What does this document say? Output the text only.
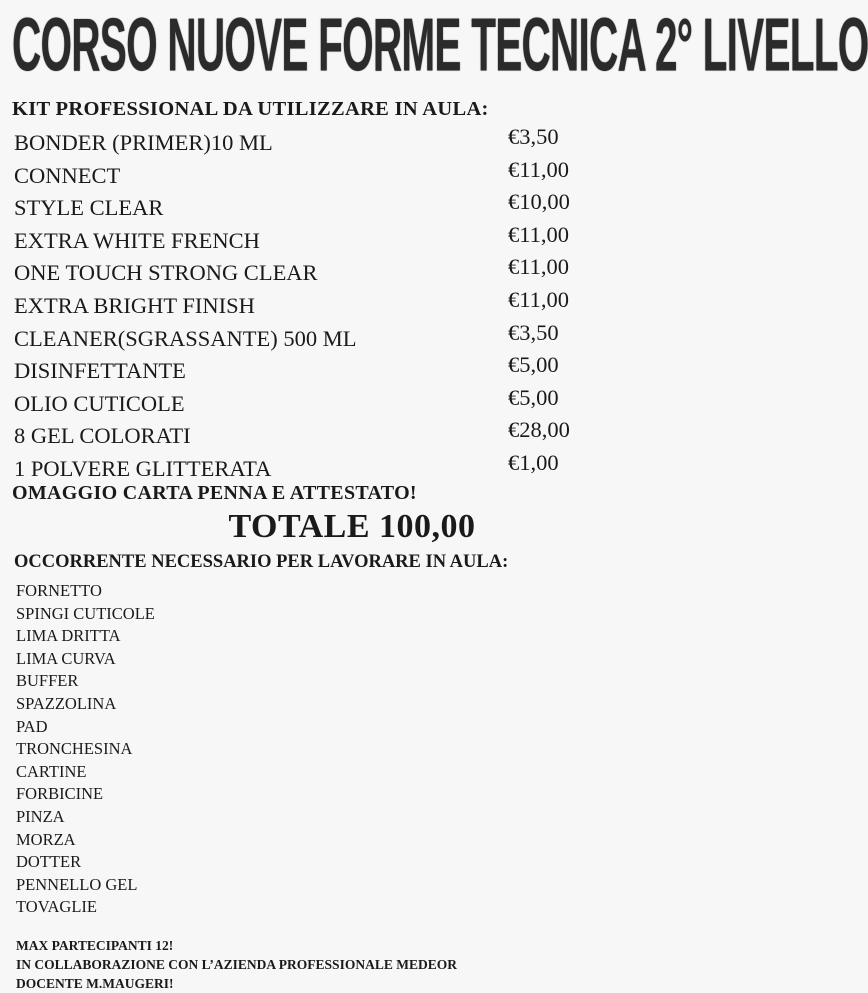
CORSO NUOVE FORME TECNICA 2° LIVELLO
KIT PROFESSIONAL DA UTILIZZARE IN AULA:
BONDER (PRIMER)10 ML	€3,50
CONNECT	€11,00
STYLE CLEAR	€10,00
EXTRA WHITE FRENCH	€11,00
ONE TOUCH STRONG CLEAR	€11,00
EXTRA BRIGHT FINISH	€11,00
CLEANER(SGRASSANTE) 500 ML	€3,50
DISINFETTANTE	€5,00
OLIO CUTICOLE	€5,00
8 GEL COLORATI	€28,00
1 POLVERE GLITTERATA	€1,00
OMAGGIO CARTA PENNA E ATTESTATO!
TOTALE 100,00
OCCORRENTE NECESSARIO PER LAVORARE IN AULA:
FORNETTO
SPINGI CUTICOLE
LIMA DRITTA
LIMA CURVA
BUFFER
SPAZZOLINA
PAD
TRONCHESINA
CARTINE
FORBICINE
PINZA
MORZA
DOTTER
PENNELLO GEL
TOVAGLIE
MAX PARTECIPANTI 12!
IN COLLABORAZIONE CON L’AZIENDA PROFESSIONALE MEDEOR
DOCENTE M.MAUGERI!
